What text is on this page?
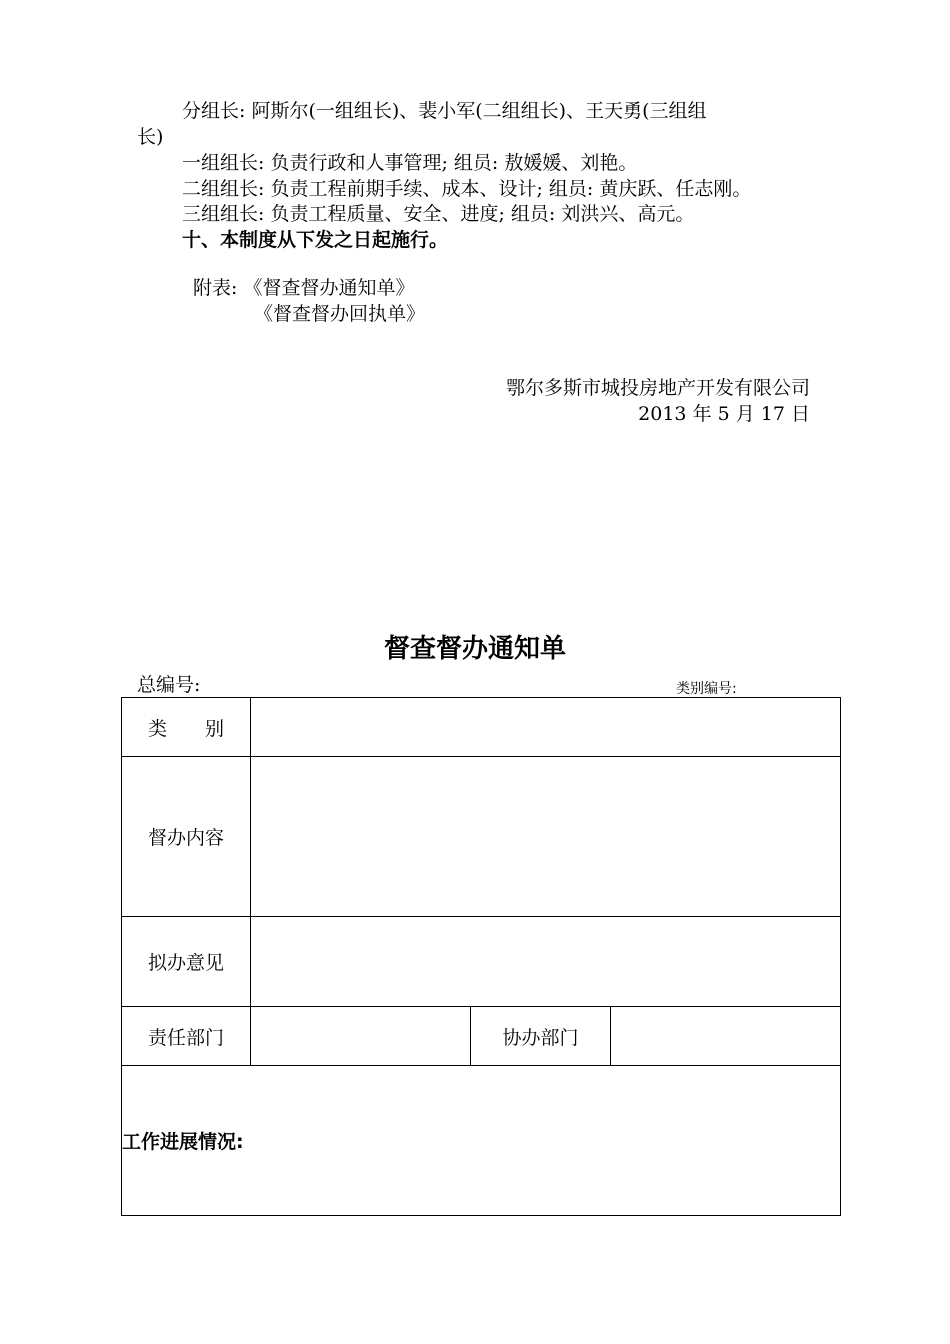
分组长: 阿斯尔(一组组长)、裴小军(二组组长)、王天勇(三组组
长)
一组组长: 负责行政和人事管理; 组员: 敖媛媛、刘艳。
二组组长: 负责工程前期手续、成本、设计; 组员: 黄庆跃、任志刚。
三组组长: 负责工程质量、安全、进度; 组员: 刘洪兴、高元。
十、本制度从下发之日起施行。
附表: 《督查督办通知单》
《督查督办回执单》
鄂尔多斯市城投房地产开发有限公司
2013 年 5 月 17 日
督查督办通知单
总编号:	类别编号:
类　　别			
督办内容			
拟办意见			
责任部门		协办部门	
工作进展情况:			
